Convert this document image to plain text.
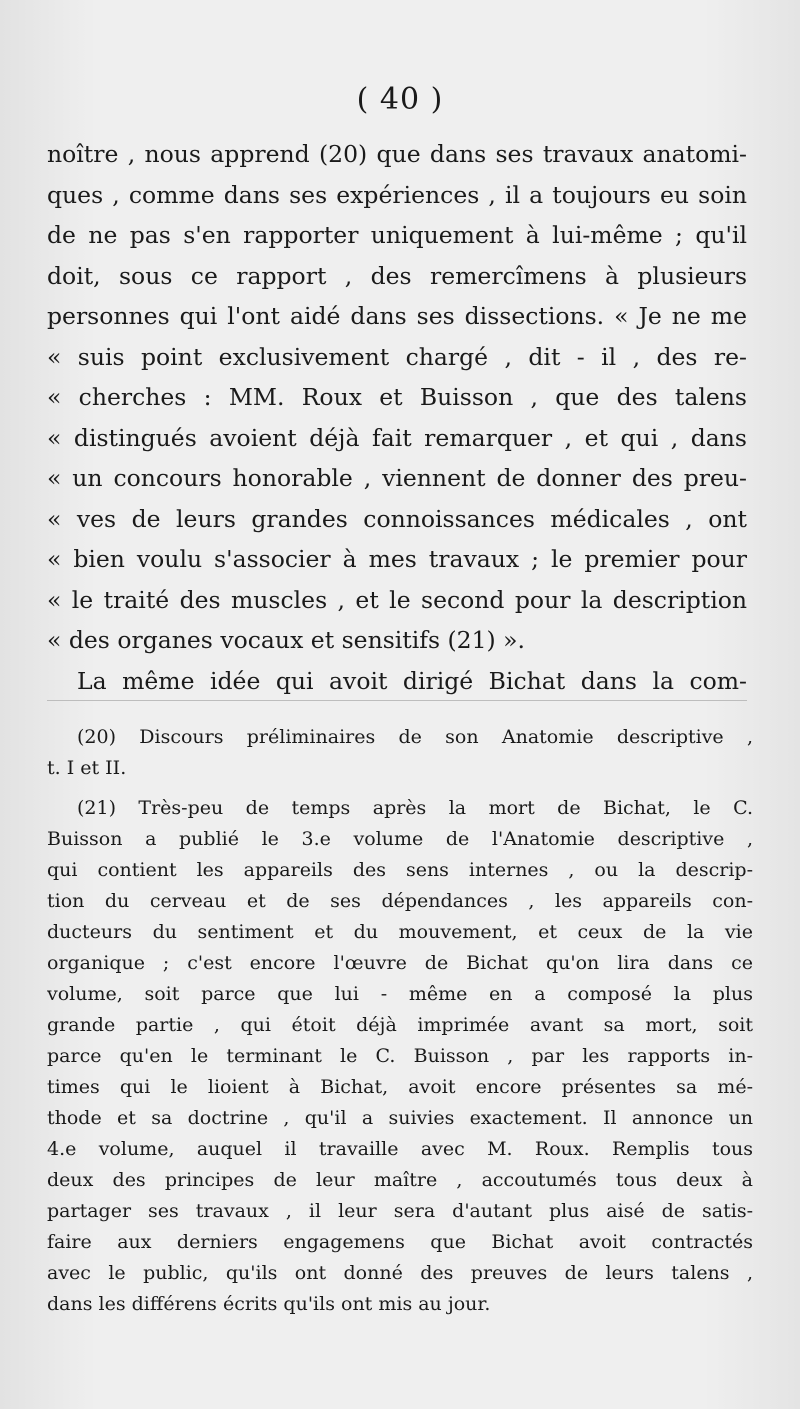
( 40 )
noître , nous apprend (20) que dans ses travaux anatomi-
ques , comme dans ses expériences , il a toujours eu soin
de ne pas s'en rapporter uniquement à lui-même ; qu'il
doit, sous ce rapport , des remercîmens à plusieurs
personnes qui l'ont aidé dans ses dissections. « Je ne me
« suis point exclusivement chargé , dit - il , des re-
« cherches : MM. Roux et Buisson , que des talens
« distingués avoient déjà fait remarquer , et qui , dans
« un concours honorable , viennent de donner des preu-
« ves de leurs grandes connoissances médicales , ont
« bien voulu s'associer à mes travaux ; le premier pour
« le traité des muscles , et le second pour la description
« des organes vocaux et sensitifs (21) ».
La même idée qui avoit dirigé Bichat dans la com-
(20) Discours préliminaires de son Anatomie descriptive ,
t. I et II.
(21) Très-peu de temps après la mort de Bichat, le C.
Buisson a publié le 3.e volume de l'Anatomie descriptive ,
qui contient les appareils des sens internes , ou la descrip-
tion du cerveau et de ses dépendances , les appareils con-
ducteurs du sentiment et du mouvement, et ceux de la vie
organique ; c'est encore l'œuvre de Bichat qu'on lira dans ce
volume, soit parce que lui - même en a composé la plus
grande partie , qui étoit déjà imprimée avant sa mort, soit
parce qu'en le terminant le C. Buisson , par les rapports in-
times qui le lioient à Bichat, avoit encore présentes sa mé-
thode et sa doctrine , qu'il a suivies exactement. Il annonce un
4.e volume, auquel il travaille avec M. Roux. Remplis tous
deux des principes de leur maître , accoutumés tous deux à
partager ses travaux , il leur sera d'autant plus aisé de satis-
faire aux derniers engagemens que Bichat avoit contractés
avec le public, qu'ils ont donné des preuves de leurs talens ,
dans les différens écrits qu'ils ont mis au jour.
